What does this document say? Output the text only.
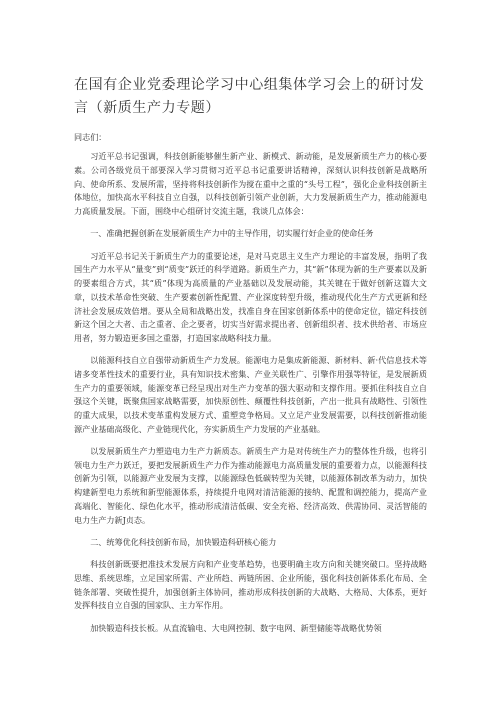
在国有企业党委理论学习中心组集体学习会上的研讨发言（新质生产力专题）

同志们：

习近平总书记强调，科技创新能够催生新产业、新模式、新动能，是发展新质生产力的核心要素。公司各级党员干部要深入学习贯彻习近平总书记重要讲话精神，深刻认识科技创新是战略所向、使命所系、发展所需，坚持将科技创新作为搅在重中之重的“头号工程”，强化企业科技创新主体地位，加快高水平科技自立自强，以科技创新引领产业创新，大力发展新质生产力，推动能源电力高质量发展。下面，围绕中心组研讨交流主题，我谈几点体会：

一、准确把握创新在发展新质生产力中的主导作用，切实履行好企业的使命任务

习近平总书记关于新质生产力的重要论述，是对马克思主义生产力理论的丰富发展，指明了我国生产力水平从“量变”到“质变”跃迁的科学道路。新质生产力，其“新”体现为新的生产要素以及新的要素组合方式，其“质”体现为高质量的产业基础以及发展动能，其关键在于做好创新这篇大文章，以技术革命性突破、生产要素创新性配置、产业深度转型升级，推动现代化生产方式更新和经济社会发展成效倍增。要从全局和战略出发，找准自身在国家创新体系中的使命定位，锚定科技创新这个国之大者、击之重者、企之要者，切实当好需求提出者、创新组织者、技术供给者、市场应用者，努力锻造更多国之重器，打造国家战略科技力量。

以能源科技自立自强带动新质生产力发展。能源电力是集成新能源、新材料、新·代信息技术等诸多变革性技术的重要行业，具有知识技术密集、产业关联性广、引擎作用强等特征，是发展新质生产力的重要领域，能源变革已经呈现出对生产力变革的强大驱动和支撑作用。要抓住科技自立自强这个关键，既聚焦国家战略需要，加快原创性、颠覆性科技创新，产出一批具有战略性、引领性的重大成果，以技术变革重构发展方式、重塑竞争格局。又立足产业发展需要，以科技创新推动能源产业基础高级化、产业链现代化，夯实新质生产力发展的产业基础。

以发展新质生产力塑造电力生产力新质态。新质生产力是对传统生产力的整体性升级，也将引领电力生产力跃迁，要把发展新质生产力作为推动能源电力高质量发展的重要着力点，以能源科技创新为引领，以能源产业发展为支撑，以能源绿色低碳转型为关键，以能源体制改革为动力，加快构建新型电力系统和新型能源体系，持续提升电网对清洁能源的接纳、配置和调控能力，提高产业高端化、智能化、绿色化水平，推动形成清洁低碳、安全充裕、经济高效、供需协同、灵活智能的电力生产力新J贞态。

二、统筹优化科技创新布局，加快锻造科研核心能力

科技创新既要把准技术发展方向和产业变革趋势，也要明确主攻方向和关键突破口。坚持战略思维、系统思维，立足国家所需、产业所趋、两链所困、企业所能，强化科技创新体系化布局、全链条部署、突破性提升，加强创新主体协同，推动形成科技创新的大战略、大格局、大体系，更好发挥科技自立自强的国家队、主力军作用。

加快锻造科技长板。从直流输电、大电网控制、数字电网、新型储能等战略优势领
